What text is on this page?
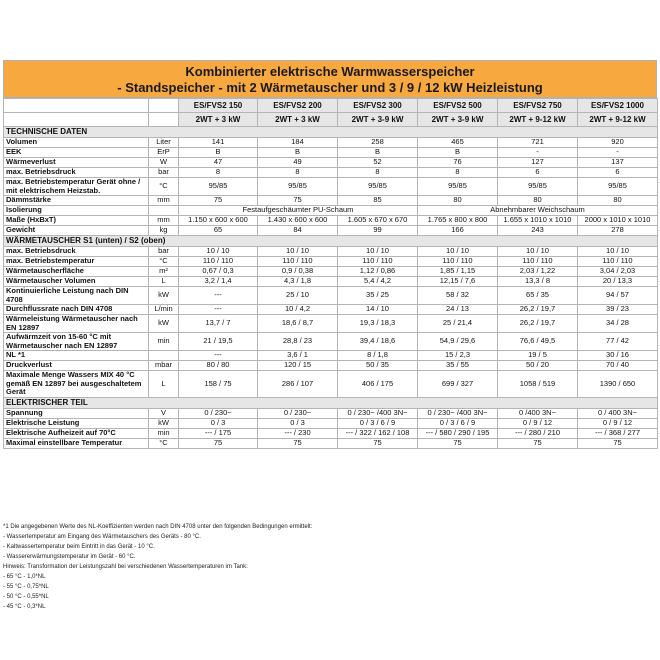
Kombinierter elektrische Warmwasserspeicher
- Standspeicher - mit 2 Wärmetauscher und 3 / 9 / 12 kW Heizleistung
		ES/FVS2 150	ES/FVS2 200	ES/FVS2 300	ES/FVS2 500	ES/FVS2 750	ES/FVS2 1000
		2WT + 3 kW	2WT + 3 kW	2WT + 3-9 kW	2WT + 3-9 kW	2WT + 9-12 kW	2WT + 9-12 kW
TECHNISCHE DATEN							
Volumen	Liter	141	184	258	465	721	920
EEK	ErP	B	B	B	B	-	-
Wärmeverlust	W	47	49	52	76	127	137
max. Betriebsdruck	bar	8	8	8	8	6	6
max. Betriebstemperatur Gerät ohne / mit elektrischem Heizstab.	°C	95/85	95/85	95/85	95/85	95/85	95/85
Dämmstärke	mm	75	75	85	80	80	80
Isolierung		Festaufgeschäumter PU-Schaum			Abnehmbarer Weichschaum		
Maße (HxBxT)	mm	1.150 x 600 x 600	1.430 x 600 x 600	1.605 x 670 x 670	1.765 x 800 x 800	1.655 x 1010 x 1010	2000 x 1010 x 1010
Gewicht	kg	65	84	99	166	243	278
WÄRMETAUSCHER S1 (unten) / S2 (oben)							
max. Betriebsdruck	bar	10 / 10	10 / 10	10 / 10	10 / 10	10 / 10	10 / 10
max. Betriebstemperatur	°C	110 / 110	110 / 110	110 / 110	110 / 110	110 / 110	110 / 110
Wärmetauscherfläche	m²	0,67 / 0,3	0,9 / 0,38	1,12 / 0,86	1,85 / 1,15	2,03 / 1,22	3,04 / 2,03
Wärmetauscher Volumen	L	3,2 / 1,4	4,3 / 1,8	5,4 / 4,2	12,15 / 7,6	13,3 / 8	20 / 13,3
Kontinuierliche Leistung nach DIN 4708	kW	---	25 / 10	35 / 25	58 / 32	65 / 35	94 / 57
Durchflussrate nach DIN 4708	L/min	---	10 / 4,2	14 / 10	24 / 13	26,2 / 19,7	39 / 23
Wärmeleistung Wärmetauscher nach EN 12897	kW	13,7 / 7	18,6 / 8,7	19,3 / 18,3	25 / 21,4	26,2 / 19,7	34 / 28
Aufwärmzeit von 15-60 °C mit Wärmetauscher nach EN 12897	min	21 / 19,5	28,8 / 23	39,4 / 18,6	54,9 / 29,6	76,6 / 49,5	77 / 42
NL *1		---	3,6 / 1	8 / 1,8	15 / 2,3	19 / 5	30 / 16
Druckverlust	mbar	80 / 80	120 / 15	50 / 35	35 / 55	50 / 20	70 / 40
Maximale Menge Wassers MIX 40 °C gemäß EN 12897 bei ausgeschaltetem Gerät	L	158 / 75	286 / 107	406 / 175	699 / 327	1058 / 519	1390 / 650
ELEKTRISCHER TEIL							
Spannung	V	0 / 230~	0 / 230~	0 / 230~ /400 3N~	0 / 230~ /400 3N~	0 /400 3N~	0 / 400 3N~
Elektrische Leistung	kW	0 / 3	0 / 3	0 / 3 / 6 / 9	0 / 3 / 6 / 9	0 / 9 / 12	0 / 9 / 12
Elektrische Aufheizeit auf 70°C	min	--- / 175	--- / 230	--- / 322 / 162 / 108	--- / 580 / 290 / 195	--- / 280 / 210	--- / 368 / 277
Maximal einstellbare Temperatur	°C	75	75	75	75	75	75
*1 Die angegebenen Werte des NL-Koeffizienten werden nach DIN 4708 unter den folgenden Bedingungen ermittelt:
- Wassertemperatur am Eingang des Wärmetauschers des Geräts - 80 °C.
- Kaltwassertemperatur beim Eintritt in das Gerät - 10 °C.
- Wassererwärmungstemperatur im Gerät - 60 °C.
Hinweis: Transformation der Leistungszahl bei verschiedenen Wassertemperaturen im Tank:
- 65 °C - 1,0*NL
- 55 °C - 0,75*NL
- 50 °C - 0,55*NL
- 45 °C - 0,3*NL
